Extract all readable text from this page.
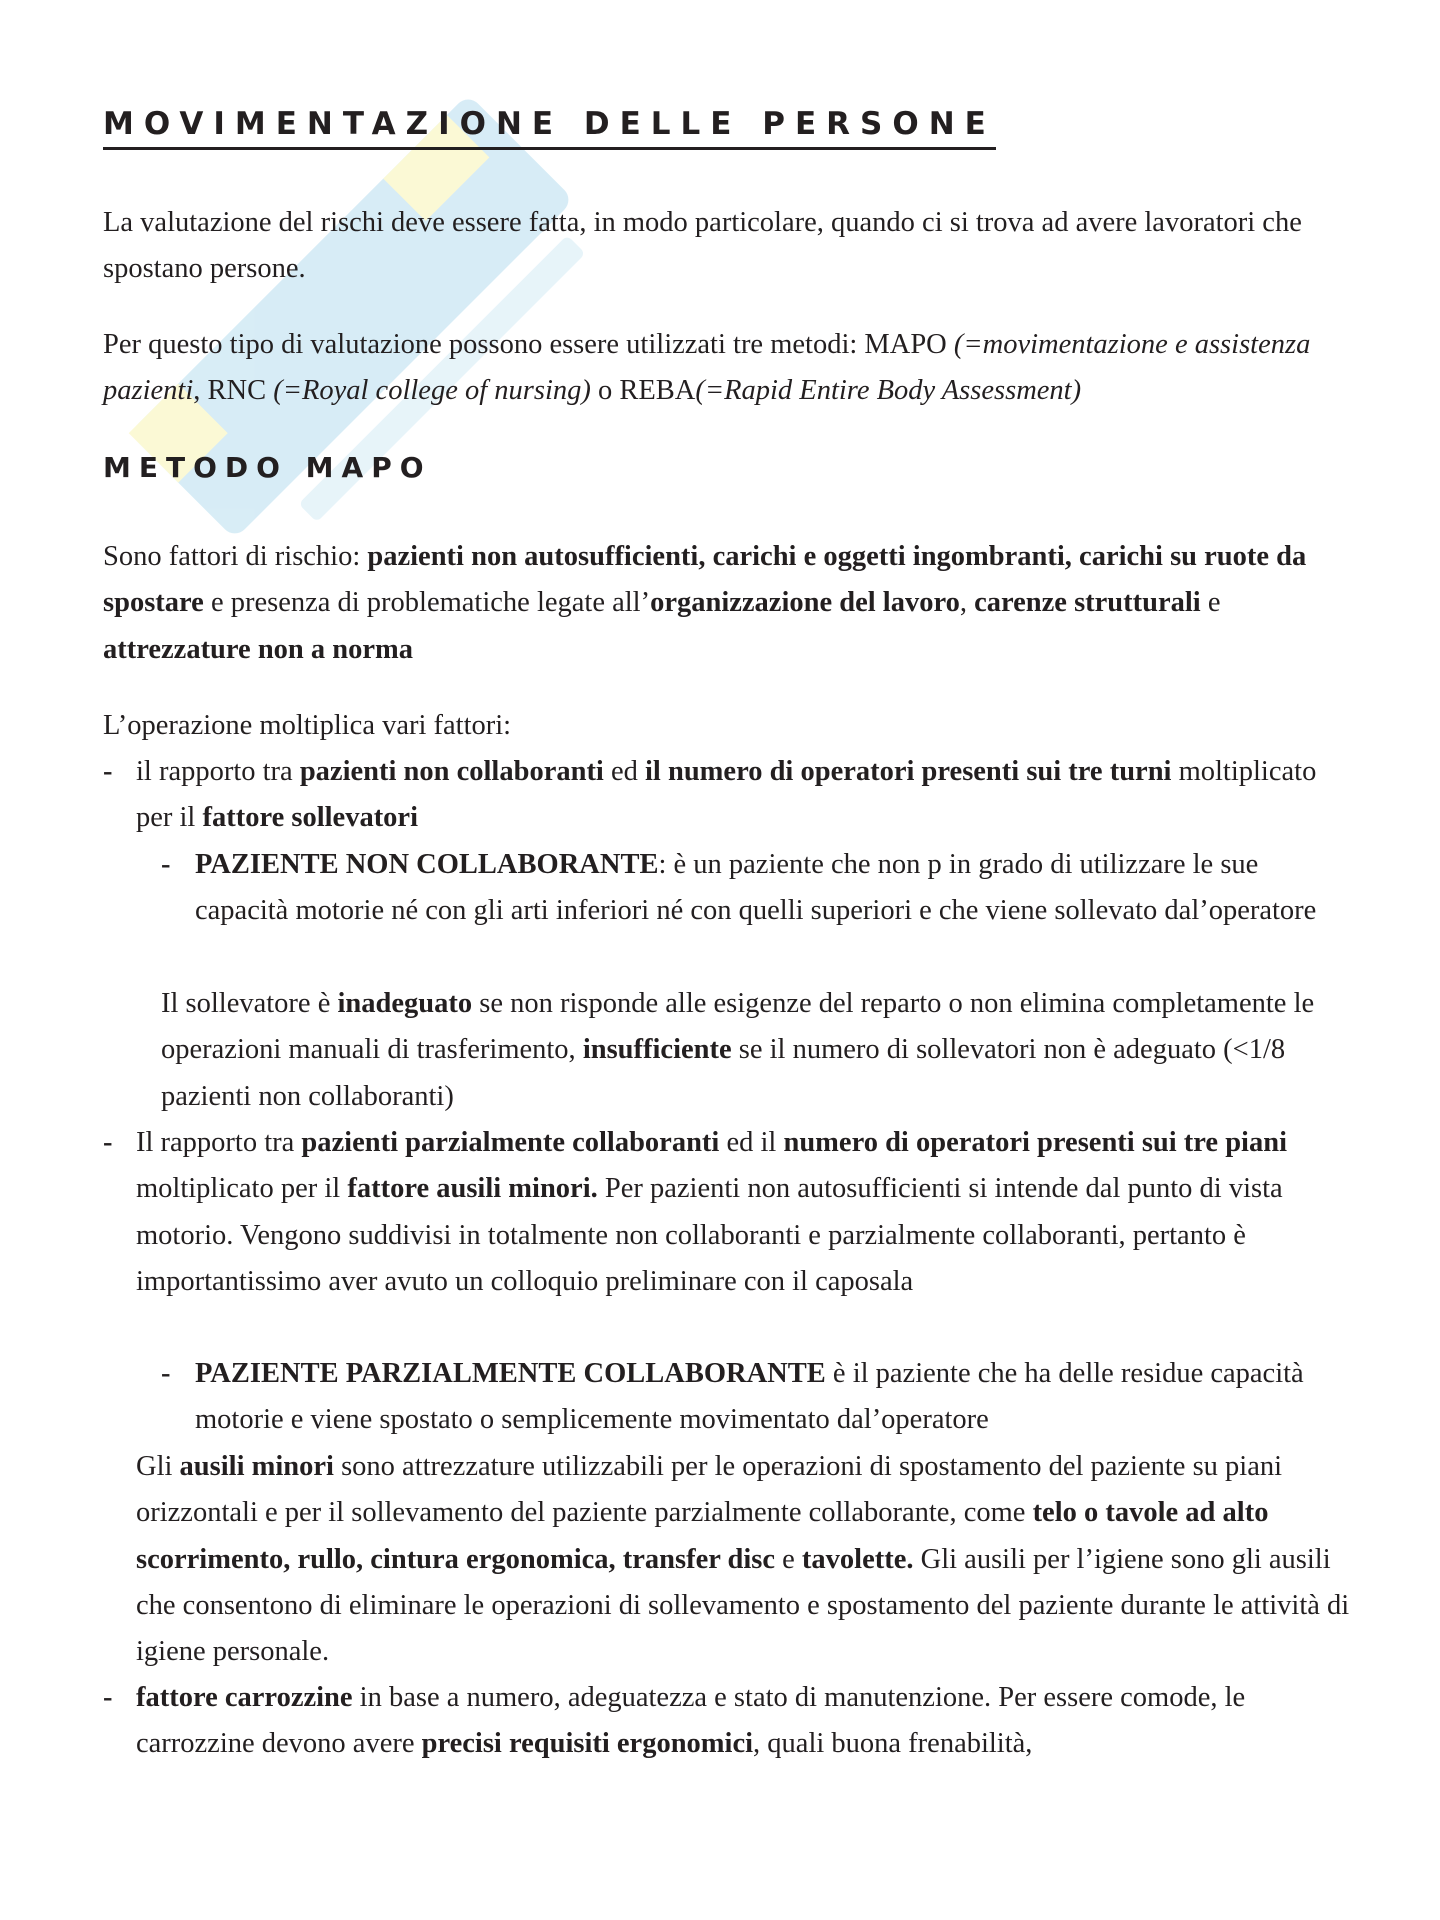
MOVIMENTAZIONE DELLE PERSONE

La valutazione del rischi deve essere fatta, in modo particolare, quando ci si trova ad avere lavoratori che spostano persone.

Per questo tipo di valutazione possono essere utilizzati tre metodi: MAPO (=movimentazione e assistenza pazienti, RNC (=Royal college of nursing) o REBA(=Rapid Entire Body Assessment)

METODO MAPO

Sono fattori di rischio: pazienti non autosufficienti, carichi e oggetti ingombranti, carichi su ruote da spostare e presenza di problematiche legate all’organizzazione del lavoro, carenze strutturali e attrezzature non a norma

L’operazione moltiplica vari fattori:

- il rapporto tra pazienti non collaboranti ed il numero di operatori presenti sui tre turni moltiplicato per il fattore sollevatori

- PAZIENTE NON COLLABORANTE: è un paziente che non p in grado di utilizzare le sue capacità motorie né con gli arti inferiori né con quelli superiori e che viene sollevato dal’operatore

Il sollevatore è inadeguato se non risponde alle esigenze del reparto o non elimina completamente le operazioni manuali di trasferimento, insufficiente se il numero di sollevatori non è adeguato (<1/8 pazienti non collaboranti)

- Il rapporto tra pazienti parzialmente collaboranti ed il numero di operatori presenti sui tre piani moltiplicato per il fattore ausili minori. Per pazienti non autosufficienti si intende dal punto di vista motorio. Vengono suddivisi in totalmente non collaboranti e parzialmente collaboranti, pertanto è importantissimo aver avuto un colloquio preliminare con il caposala

- PAZIENTE PARZIALMENTE COLLABORANTE è il paziente che ha delle residue capacità motorie e viene spostato o semplicemente movimentato dal’operatore

Gli ausili minori sono attrezzature utilizzabili per le operazioni di spostamento del paziente su piani orizzontali e per il sollevamento del paziente parzialmente collaborante, come telo o tavole ad alto scorrimento, rullo, cintura ergonomica, transfer disc e tavolette. Gli ausili per l’igiene sono gli ausili che consentono di eliminare le operazioni di sollevamento e spostamento del paziente durante le attività di igiene personale.

- fattore carrozzine in base a numero, adeguatezza e stato di manutenzione. Per essere comode, le carrozzine devono avere precisi requisiti ergonomici, quali buona frenabilità,
